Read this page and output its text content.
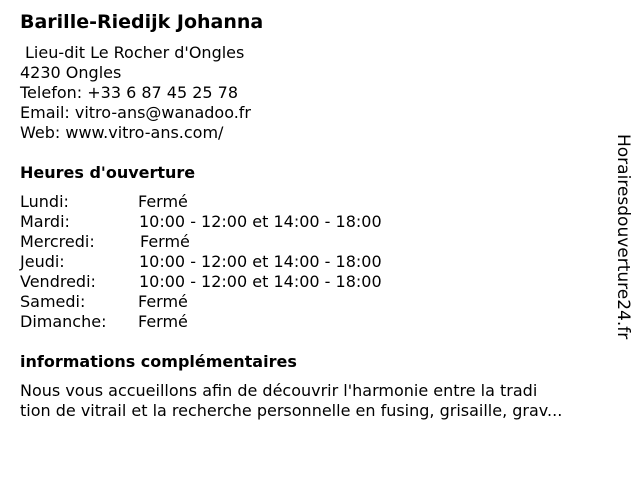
Barille-Riedijk Johanna
Lieu-dit Le Rocher d'Ongles
4230 Ongles
Telefon: +33 6 87 45 25 78
Email: vitro-ans@wanadoo.fr
Web: www.vitro-ans.com/
Heures d'ouverture
Lundi:	Fermé
Mardi:	10:00 - 12:00 et 14:00 - 18:00
Mercredi:	Fermé
Jeudi:	10:00 - 12:00 et 14:00 - 18:00
Vendredi:	10:00 - 12:00 et 14:00 - 18:00
Samedi:	Fermé
Dimanche: Fermé
informations complémentaires
Nous vous accueillons afin de découvrir l'harmonie entre la tradi
tion de vitrail et la recherche personnelle en fusing, grisaille, grav...
Horairesdouverture24.fr
